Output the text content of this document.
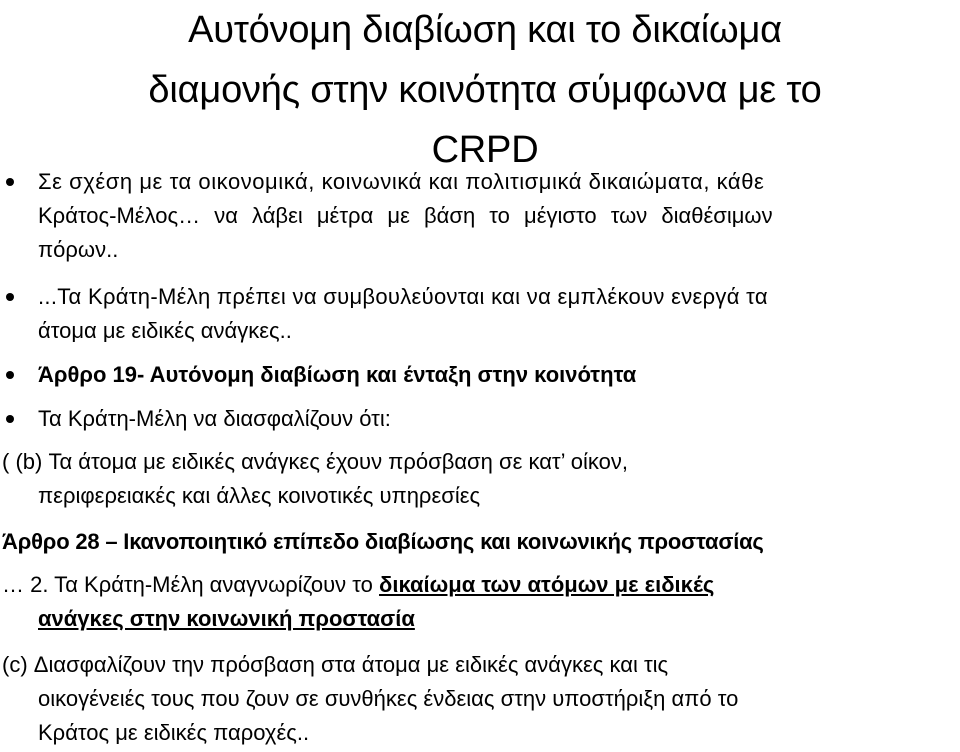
Αυτόνομη διαβίωση και το δικαίωμα
διαμονής στην κοινότητα σύμφωνα με το
CRPD
Σε σχέση με τα οικονομικά, κοινωνικά και πολιτισμικά δικαιώματα, κάθε
Κράτος-Μέλος… να λάβει μέτρα με βάση το μέγιστο των διαθέσιμων
πόρων..
...Τα Κράτη-Μέλη πρέπει να συμβουλεύονται και να εμπλέκουν ενεργά τα
άτομα με ειδικές ανάγκες..
Άρθρο 19- Αυτόνομη διαβίωση και ένταξη στην κοινότητα
Τα Κράτη-Μέλη να διασφαλίζουν ότι:
( (b) Τα άτομα με ειδικές ανάγκες έχουν πρόσβαση σε κατ’ οίκον,
περιφερειακές και άλλες κοινοτικές υπηρεσίες
Άρθρο 28 – Ικανοποιητικό επίπεδο διαβίωσης και κοινωνικής προστασίας
… 2. Τα Κράτη-Μέλη αναγνωρίζουν το δικαίωμα των ατόμων με ειδικές
ανάγκες στην κοινωνική προστασία
(c) Διασφαλίζουν την πρόσβαση στα άτομα με ειδικές ανάγκες και τις
οικογένειές τους που ζουν σε συνθήκες ένδειας στην υποστήριξη από το
Κράτος με ειδικές παροχές..
